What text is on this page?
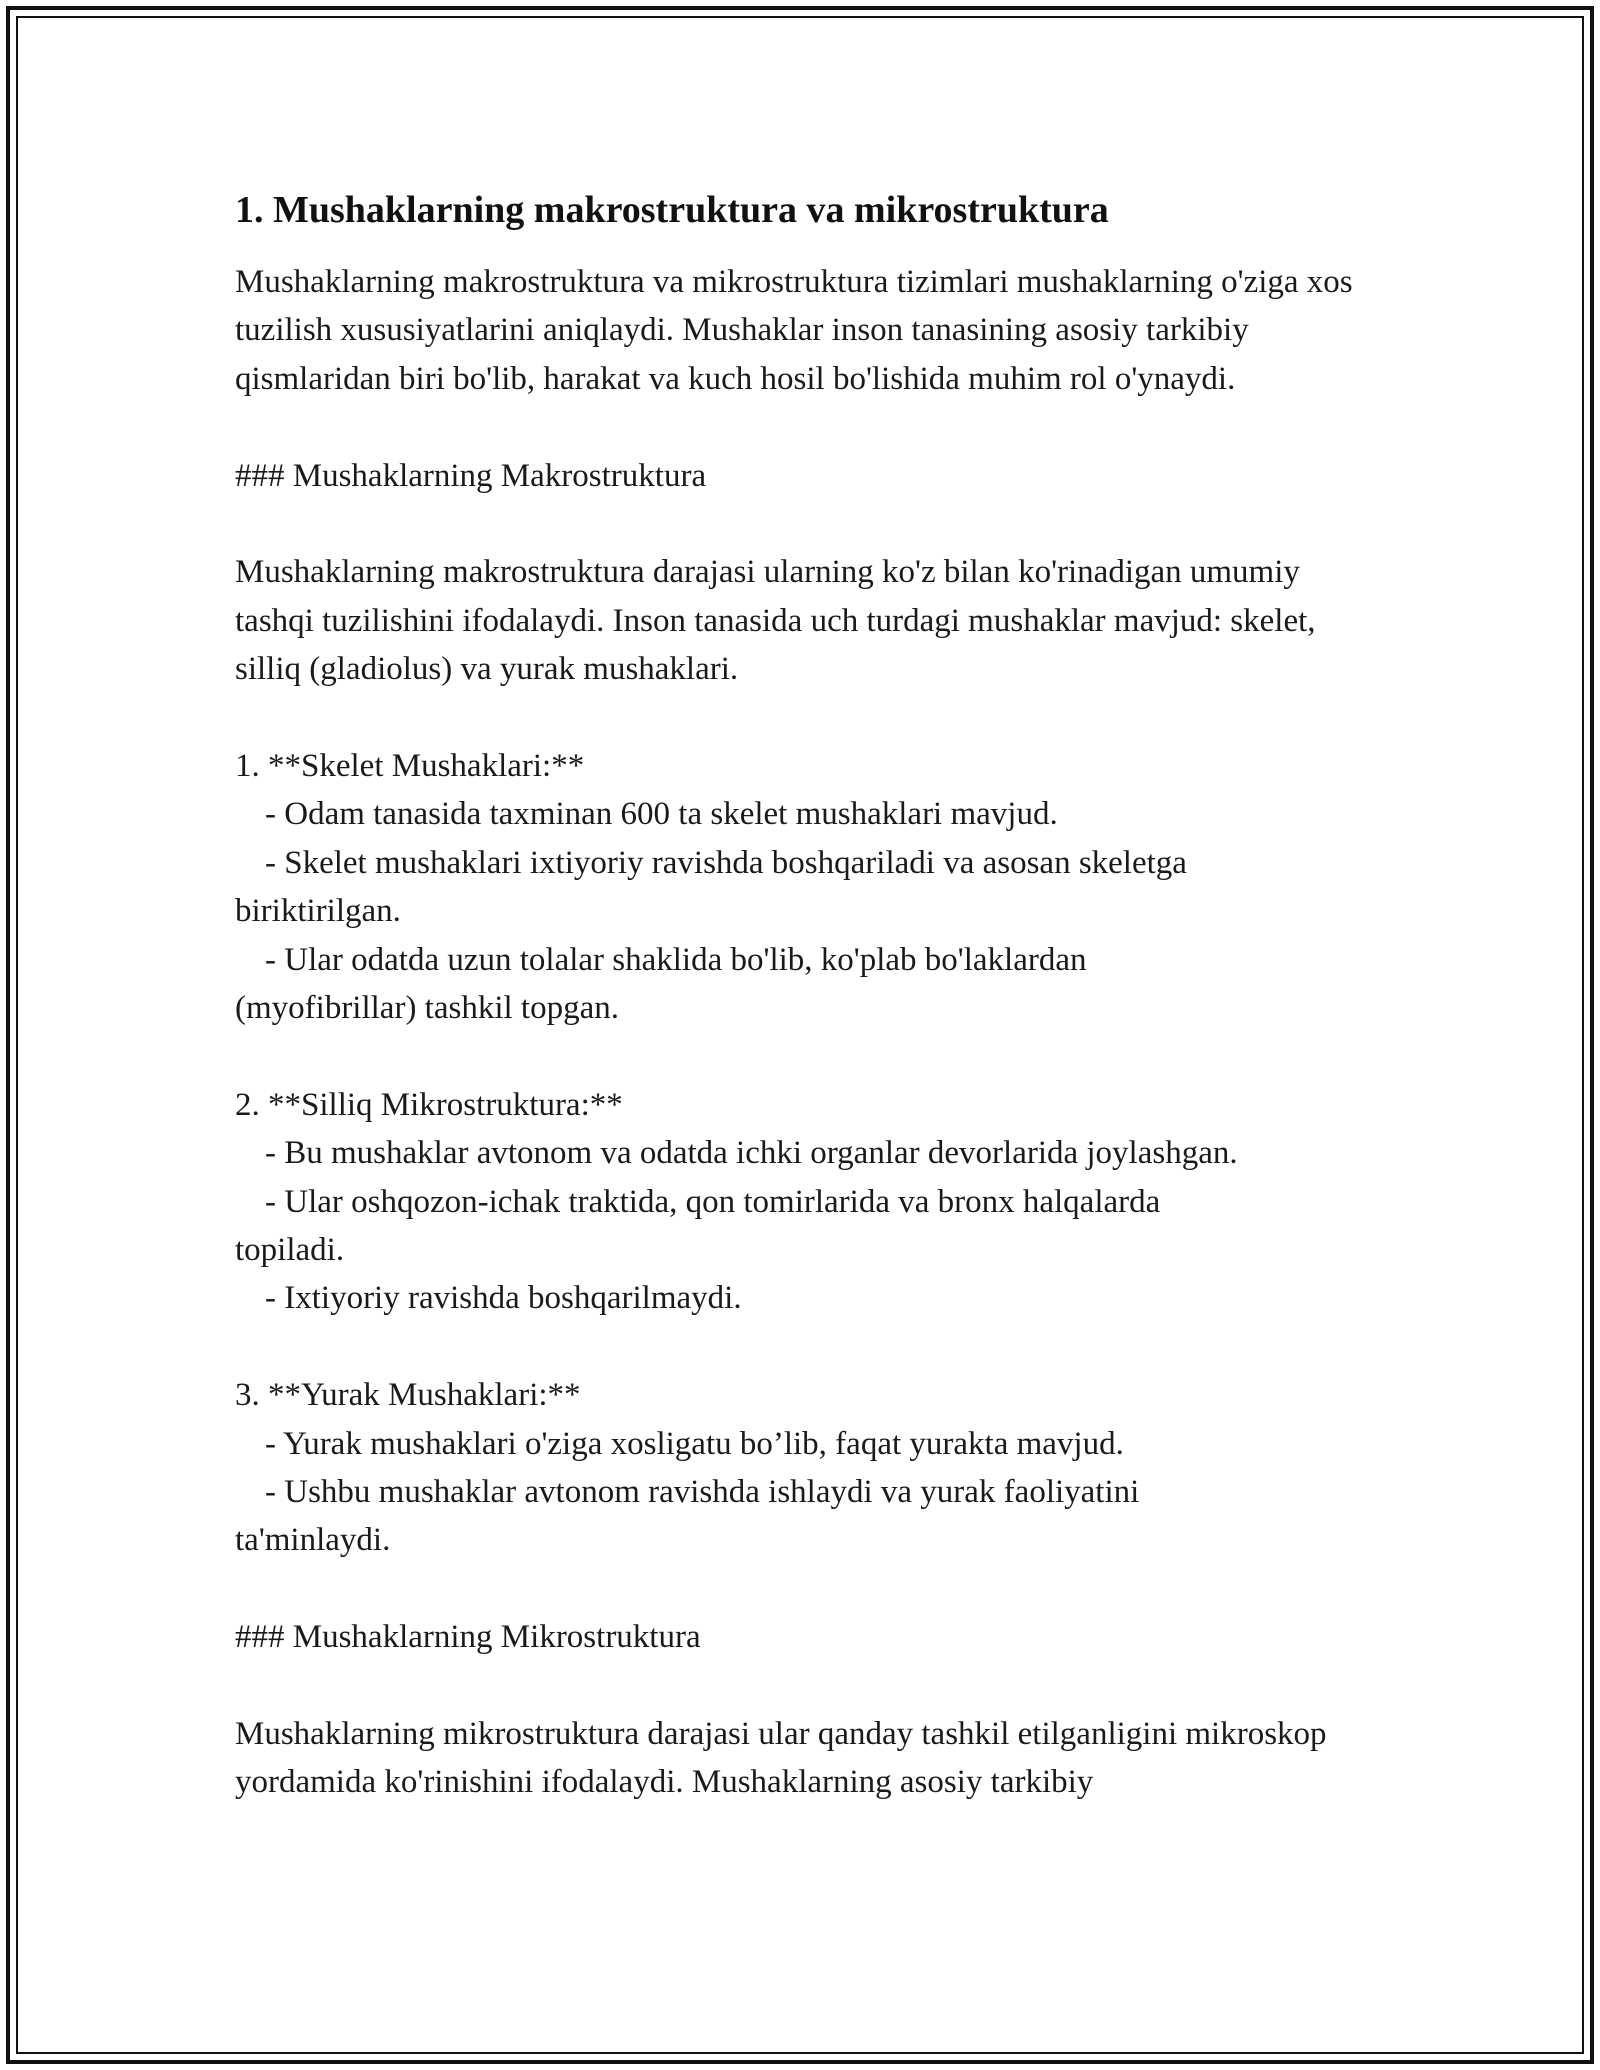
1. Mushaklarning makrostruktura va mikrostruktura

Mushaklarning makrostruktura va mikrostruktura tizimlari mushaklarning o'ziga xos tuzilish xususiyatlarini aniqlaydi. Mushaklar inson tanasining asosiy tarkibiy qismlaridan biri bo'lib, harakat va kuch hosil bo'lishida muhim rol o'ynaydi.

### Mushaklarning Makrostruktura

Mushaklarning makrostruktura darajasi ularning ko'z bilan ko'rinadigan umumiy tashqi tuzilishini ifodalaydi. Inson tanasida uch turdagi mushaklar mavjud: skelet, silliq (gladiolus) va yurak mushaklari.

1. **Skelet Mushaklari:**

- Odam tanasida taxminan 600 ta skelet mushaklari mavjud.

- Skelet mushaklari ixtiyoriy ravishda boshqariladi va asosan skeletga

biriktirilgan.

- Ular odatda uzun tolalar shaklida bo'lib, ko'plab bo'laklardan

(myofibrillar) tashkil topgan.

2. **Silliq Mikrostruktura:**

- Bu mushaklar avtonom va odatda ichki organlar devorlarida joylashgan.

- Ular oshqozon-ichak traktida, qon tomirlarida va bronx halqalarda

topiladi.

- Ixtiyoriy ravishda boshqarilmaydi.

3. **Yurak Mushaklari:**

- Yurak mushaklari o'ziga xosligatu bo’lib, faqat yurakta mavjud.

- Ushbu mushaklar avtonom ravishda ishlaydi va yurak faoliyatini

ta'minlaydi.

### Mushaklarning Mikrostruktura

Mushaklarning mikrostruktura darajasi ular qanday tashkil etilganligini mikroskop yordamida ko'rinishini ifodalaydi. Mushaklarning asosiy tarkibiy
